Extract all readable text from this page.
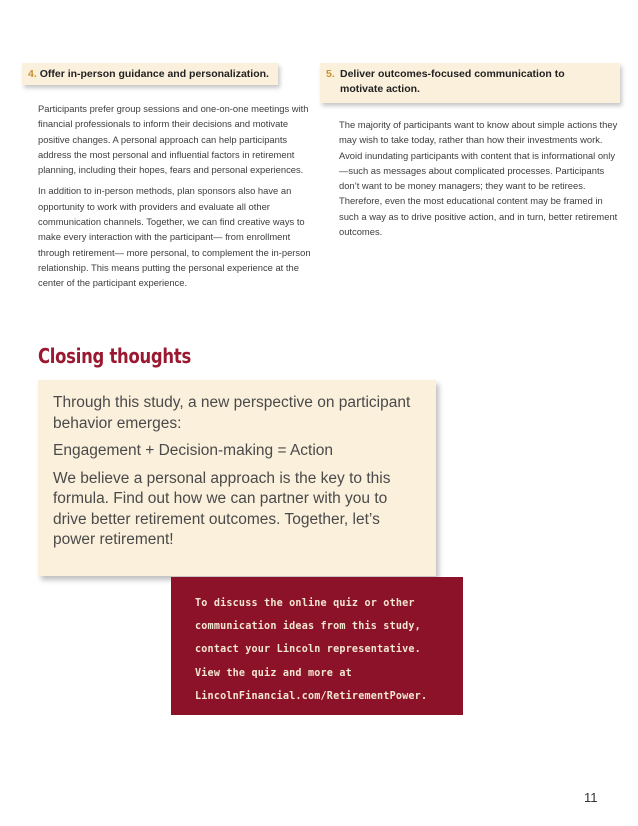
4. Offer in-person guidance and personalization.

Participants prefer group sessions and one-on-one meetings with financial professionals to inform their decisions and motivate positive changes. A personal approach can help participants address the most personal and influential factors in retirement planning, including their hopes, fears and personal experiences.

In addition to in-person methods, plan sponsors also have an opportunity to work with providers and evaluate all other communication channels. Together, we can find creative ways to make every interaction with the participant— from enrollment through retirement— more personal, to complement the in-person relationship. This means putting the personal experience at the center of the participant experience.

5. Deliver outcomes-focused communication to motivate action.

The majority of participants want to know about simple actions they may wish to take today, rather than how their investments work. Avoid inundating participants with content that is informational only—such as messages about complicated processes. Participants don’t want to be money managers; they want to be retirees. Therefore, even the most educational content may be framed in such a way as to drive positive action, and in turn, better retirement outcomes.

Closing thoughts

Through this study, a new perspective on participant behavior emerges:

Engagement + Decision-making = Action

We believe a personal approach is the key to this formula. Find out how we can partner with you to drive better retirement outcomes. Together, let’s power retirement!

To discuss the online quiz or other

communication ideas from this study,

contact your Lincoln representative.

View the quiz and more at

LincolnFinancial.com/RetirementPower.

11
